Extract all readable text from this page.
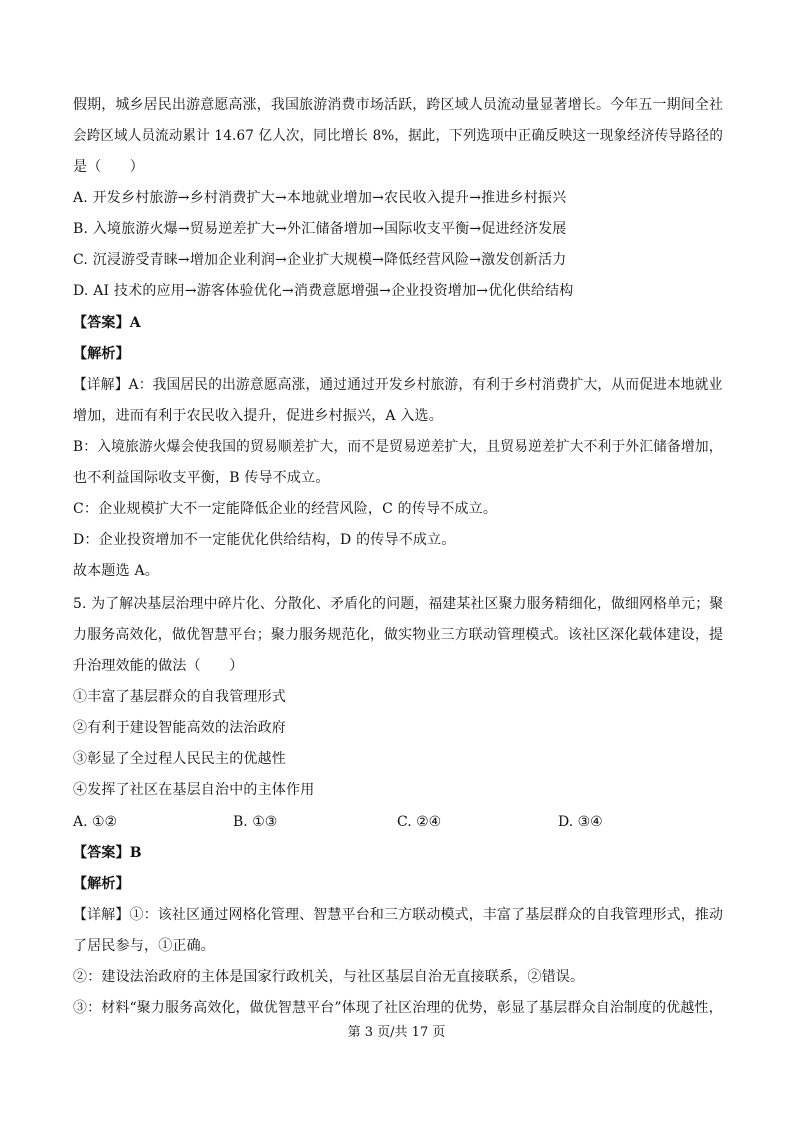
假期，城乡居民出游意愿高涨，我国旅游消费市场活跃，跨区域人员流动量显著增长。今年五一期间全社
会跨区域人员流动累计 14.67 亿人次，同比增长 8%，据此，下列选项中正确反映这一现象经济传导路径的
是（　　）
A. 开发乡村旅游→乡村消费扩大→本地就业增加→农民收入提升→推进乡村振兴
B. 入境旅游火爆→贸易逆差扩大→外汇储备增加→国际收支平衡→促进经济发展
C. 沉浸游受青睐→增加企业利润→企业扩大规模→降低经营风险→激发创新活力
D. AI 技术的应用→游客体验优化→消费意愿增强→企业投资增加→优化供给结构
【答案】A
【解析】
【详解】A：我国居民的出游意愿高涨，通过通过开发乡村旅游，有利于乡村消费扩大，从而促进本地就业
增加，进而有利于农民收入提升，促进乡村振兴，A 入选。
B：入境旅游火爆会使我国的贸易顺差扩大，而不是贸易逆差扩大，且贸易逆差扩大不利于外汇储备增加，
也不利益国际收支平衡，B 传导不成立。
C：企业规模扩大不一定能降低企业的经营风险，C 的传导不成立。
D：企业投资增加不一定能优化供给结构，D 的传导不成立。
故本题选 A。
5. 为了解决基层治理中碎片化、分散化、矛盾化的问题，福建某社区聚力服务精细化，做细网格单元；聚
力服务高效化，做优智慧平台；聚力服务规范化，做实物业三方联动管理模式。该社区深化载体建设，提
升治理效能的做法（　　）
①丰富了基层群众的自我管理形式
②有利于建设智能高效的法治政府
③彰显了全过程人民民主的优越性
④发挥了社区在基层自治中的主体作用
A. ①②	B. ①③	C. ②④	D. ③④
【答案】B
【解析】
【详解】①：该社区通过网格化管理、智慧平台和三方联动模式，丰富了基层群众的自我管理形式，推动
了居民参与，①正确。
②：建设法治政府的主体是国家行政机关，与社区基层自治无直接联系，②错误。
③：材料“聚力服务高效化，做优智慧平台”体现了社区治理的优势，彰显了基层群众自治制度的优越性，
第 3 页/共 17 页
